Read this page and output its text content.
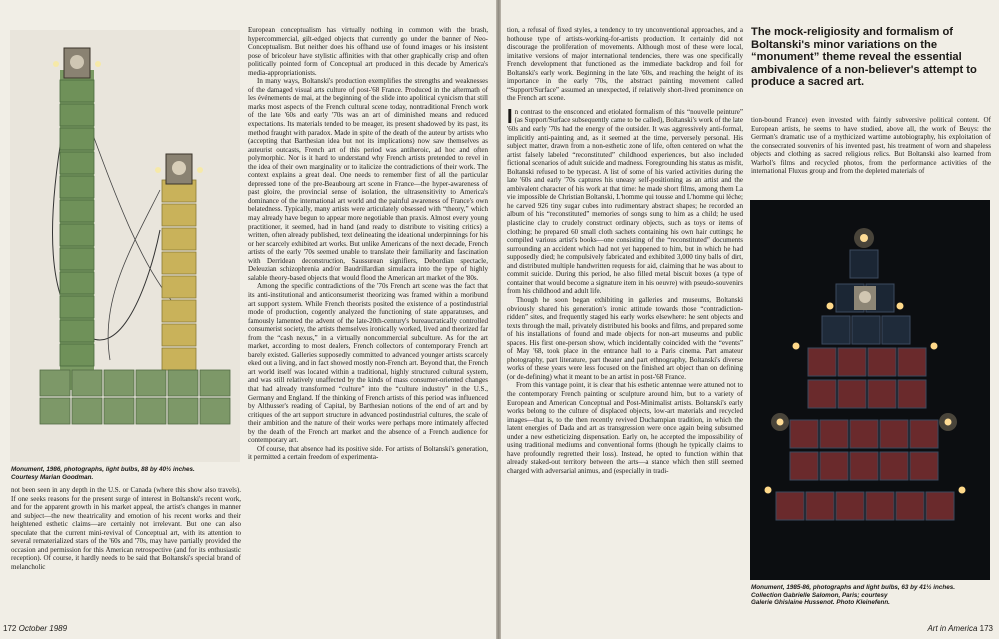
Monument, 1986, photographs, light bulbs, 88 by 40½ inches.
Courtesy Marian Goodman.

European conceptualism has virtually nothing in common with the brash, hypercommercial, gilt-edged objects that currently go under the banner of Neo-Conceptualism. But neither does his offhand use of found images or his insistent pose of bricoleur have stylistic affinities with that other graphically crisp and often politically pointed form of Conceptual art produced in this decade by America's media-appropriationists.

In many ways, Boltanski's production exemplifies the strengths and weaknesses of the damaged visual arts culture of post-'68 France. Produced in the aftermath of les événements de mai, at the beginning of the slide into apolitical cynicism that still marks most aspects of the French cultural scene today, nontraditional French work of the late '60s and early '70s was an art of diminished means and reduced expectations. Its materials tended to be meager, its present shadowed by its past, its method fraught with paradox. Made in spite of the death of the auteur by artists who (accepting that Barthesian idea but not its implications) now saw themselves as auteurist outcasts, French art of this period was antiheroic, ad hoc and often polymorphic. Nor is it hard to understand why French artists pretended to revel in the idea of their own marginality or to italicize the contradictions of their work. The context explains a great deal. One needs to remember first of all the particular depressed tone of the pre-Beaubourg art scene in France—the hyper-awareness of past gloire, the provincial sense of isolation, the ultrasensitivity to America's dominance of the international art world and the painful awareness of France's own belatedness. Typically, many artists were articulately obsessed with “theory,” which may already have begun to appear more negotiable than praxis. Almost every young practitioner, it seemed, had in hand (and ready to distribute to visiting critics) a written, often already published, text delineating the ideational underpinnings for his or her scarcely exhibited art works. But unlike Americans of the next decade, French artists of the early '70s seemed unable to translate their familiarity and fascination with Derridean deconstruction, Saussurean signifiers, Debordian spectacle, Deleuzian schizophrenia and/or Baudrillardian simulacra into the type of highly salable theory-based objects that would flood the American art market of the '80s.

Among the specific contradictions of the '70s French art scene was the fact that its anti-institutional and anticonsumerist theorizing was framed within a moribund art support system. While French theorists posited the existence of a postindustrial mode of production, cogently analyzed the functioning of state apparatuses, and famously lamented the advent of the late-20th-century's bureaucratically controlled consumerist society, the artists themselves ironically worked, lived and theorized far from the “cash nexus,” in a virtually noncommercial subculture. As for the art market, according to most dealers, French collectors of contemporary French art barely existed. Galleries supposedly committed to advanced younger artists scarcely eked out a living, and in fact showed mostly non-French art. Beyond that, the French art world itself was located within a traditional, highly structured cultural system, and was still relatively unaffected by the kinds of mass consumer-oriented changes that had already transformed “culture” into the “culture industry” in the U.S., Germany and England. If the thinking of French artists of this period was influenced by Althusser's reading of Capital, by Barthesian notions of the end of art and by critiques of the art support structure in advanced postindustrial cultures, the scale of their ambition and the nature of their works were perhaps more intimately affected by the death of the French art market and the absence of a French audience for contemporary art.

Of course, that absence had its positive side. For artists of Boltanski's generation, it permitted a certain freedom of experimenta-

not been seen in any depth in the U.S. or Canada (where this show also travels). If one seeks reasons for the present surge of interest in Boltanski's recent work, and for the apparent growth in his market appeal, the artist's changes in manner and subject—the new theatricality and emotion of his recent works and their heightened esthetic claims—are certainly not irrelevant. But one can also speculate that the current mini-revival of Conceptual art, with its attention to several rematerialized stars of the '60s and '70s, may have partially provided the occasion and permission for this American retrospective (and for its enthusiastic reception). Of course, it hardly needs to be said that Boltanski's special brand of melancholic

172 October 1989

tion, a refusal of fixed styles, a tendency to try unconventional approaches, and a hothouse type of artists-working-for-artists production. It certainly did not discourage the proliferation of movements. Although most of these were local, imitative versions of major international tendencies, there was one specifically French development that functioned as the immediate backdrop and foil for Boltanski's early work. Beginning in the late '60s, and reaching the height of its importance in the early '70s, the abstract painting movement called “Support/Surface” assumed an unexpected, if relatively short-lived prominence on the French art scene.

In contrast to the ensconced and etiolated formalism of this “nouvelle peinture” (as Support/Surface subsequently came to be called), Boltanski's work of the late '60s and early '70s had the energy of the outsider. It was aggressively anti-formal, implicitly anti-painting and, as it seemed at the time, perversely personal. His subject matter, drawn from a non-esthetic zone of life, often centered on what the artist falsely labeled “reconstituted” childhood experiences, but also included fictional scenarios of adult suicide and madness. Foregrounding his status as misfit, Boltanski refused to be typecast. A list of some of his varied activities during the late '60s and early '70s captures his uneasy self-positioning as an artist and the ambivalent character of his work at that time: he made short films, among them La vie impossible de Christian Boltanski, L'homme qui tousse and L'homme qui lèche; he carved 926 tiny sugar cubes into rudimentary abstract shapes; he recorded an album of his “reconstituted” memories of songs sung to him as a child; he used plasticine clay to crudely construct ordinary objects, such as toys or items of clothing; he prepared 60 small cloth sachets containing his own hair cuttings; he compiled various artist's books—one consisting of the “reconstituted” documents surrounding an accident which had not yet happened to him, but in which he had supposedly died; he compulsively fabricated and exhibited 3,000 tiny balls of dirt, and distributed multiple handwritten requests for aid, claiming that he was about to commit suicide. During this period, he also filled metal biscuit boxes (a type of container that would become a signature item in his oeuvre) with pseudo-souvenirs from his childhood and adult life.

Though he soon began exhibiting in galleries and museums, Boltanski obviously shared his generation's ironic attitude towards those “contradiction-ridden” sites, and frequently staged his early works elsewhere: he sent objects and texts through the mail, privately distributed his books and films, and prepared some of his installations of found and made objects for non-art museums and public spaces. His first one-person show, which incidentally coincided with the “events” of May '68, took place in the entrance hall to a Paris cinema. Part amateur photography, part literature, part theater and part ethnography, Boltanski's diverse works of these years were less focused on the finished art object than on defining (or de-defining) what it meant to be an artist in post-'68 France.

From this vantage point, it is clear that his esthetic antennae were attuned not to the contemporary French painting or sculpture around him, but to a variety of European and American Conceptual and Post-Minimalist artists. Boltanski's early works belong to the culture of displaced objects, low-art materials and recycled images—that is, to the then recently revived Duchampian tradition, in which the latent energies of Dada and art as transgression were once again being subsumed under a new estheticizing dispensation. Early on, he accepted the impossibility of using traditional mediums and conventional forms (though he typically claims to have profoundly regretted their loss). Instead, he opted to function within that already staked-out territory between the arts—a stance which then still seemed charged with adversarial animus, and (especially in tradi-

The mock-religiosity and formalism of Boltanski's minor variations on the “monument” theme reveal the essential ambivalence of a non-believer's attempt to produce a sacred art.

tion-bound France) even invested with faintly subversive political content. Of European artists, he seems to have studied, above all, the work of Beuys: the German's dramatic use of a mythicized wartime autobiography, his exploitation of the consecrated souvenirs of his invented past, his treatment of worn and shapeless objects and clothing as sacred religious relics. But Boltanski also learned from Warhol's films and recycled photos, from the performance activities of the international Fluxus group and from the depleted materials of

Monument, 1985-86, photographs and light bulbs, 63 by 41½ inches.
Collection Gabrielle Salomon, Paris; courtesy
Galerie Ghislaine Hussenot. Photo Kleinefenn.
Art in America 173
